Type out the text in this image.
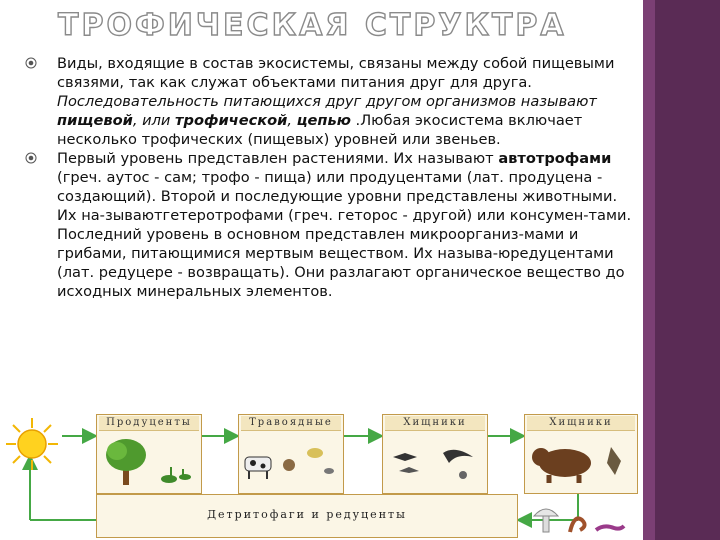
ТРОФИЧЕСКАЯ СТРУКТРА
Виды, входящие в состав экосистемы, связаны между собой пищевыми связями, так как служат объектами питания друг для друга. Последовательность питающихся друг другом организмов называют пищевой, или трофической, цепью .Любая экосистема включает несколько трофических (пищевых) уровней или звеньев.
Первый уровень представлен растениями. Их называют автотрофами (греч. аутос - сам; трофо - пища) или продуцентами (лат. продуцена - создающий). Второй и последующие уровни представлены животными. Их на-зываютгетеротрофами (греч. геторос - другой) или консумен-тами. Последний уровень в основном представлен микроорганиз-мами и грибами, питающимися мертвым веществом. Их называ-юредуцентами (лат. редуцере - возвращать). Они разлагают органическое вещество до исходных минеральных элементов.
Продуценты	Травоядные	Хищники	Хищники
Детритофаги и редуценты
